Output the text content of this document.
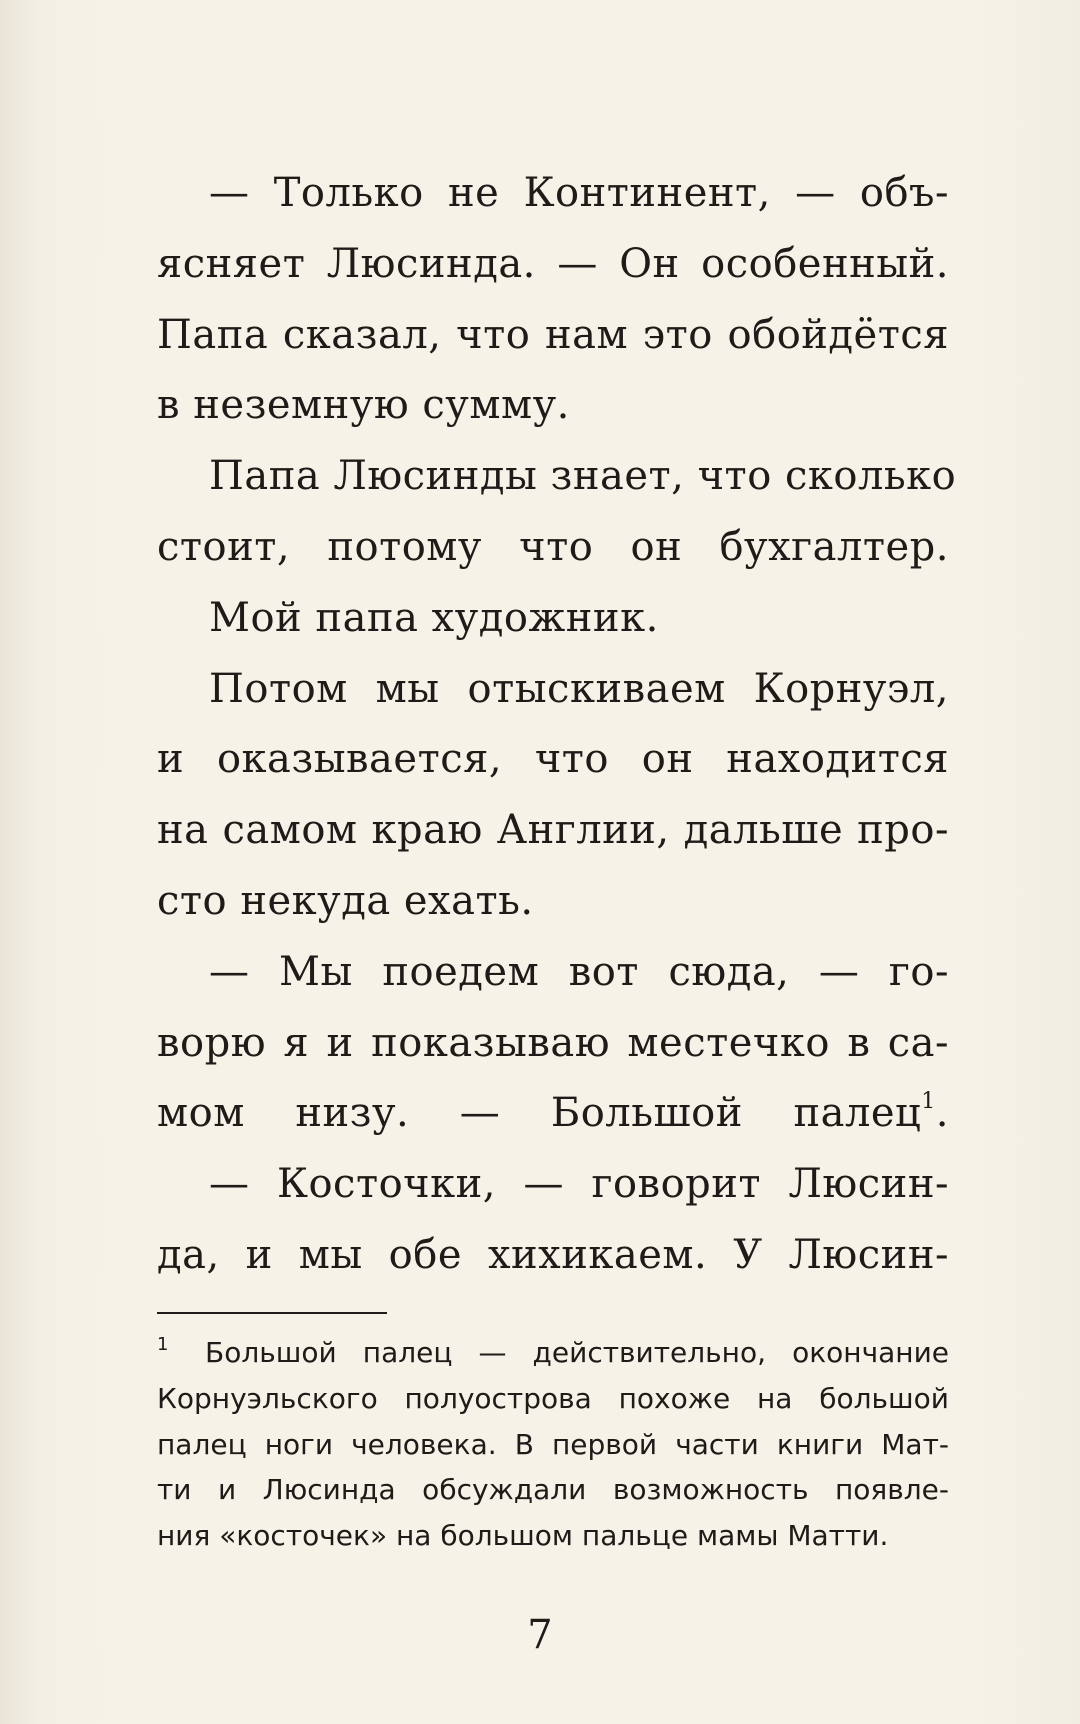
— Только не Континент, — объ-
ясняет Люсинда. — Он особенный.
Папа сказал, что нам это обойдётся
в неземную сумму.
Папа Люсинды знает, что сколько
стоит, потому что он бухгалтер.
Мой папа художник.
Потом мы отыскиваем Корнуэл,
и оказывается, что он находится
на самом краю Англии, дальше про-
сто некуда ехать.
— Мы поедем вот сюда, — го-
ворю я и показываю местечко в са-
мом низу. — Большой палец$^1$.
— Косточки, — говорит Люсин-
да, и мы обе хихикаем. У Люсин-
1 Большой палец — действительно, окончание
Корнуэльского полуострова похоже на большой
палец ноги человека. В первой части книги Мат-
ти и Люсинда обсуждали возможность появле-
ния «косточек» на большом пальце мамы Матти.
7
